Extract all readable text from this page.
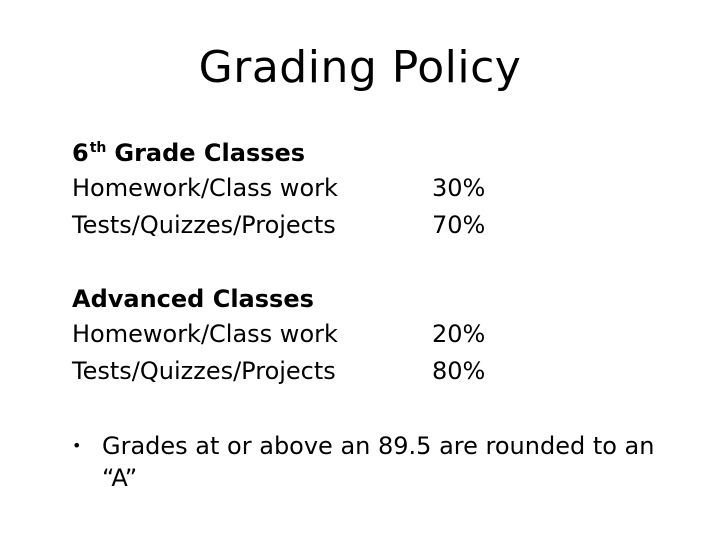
Grading Policy
6th Grade Classes
Homework/Class work	30%
Tests/Quizzes/Projects	70%
Advanced Classes
Homework/Class work	20%
Tests/Quizzes/Projects	80%
• Grades at or above an 89.5 are rounded to an “A”
